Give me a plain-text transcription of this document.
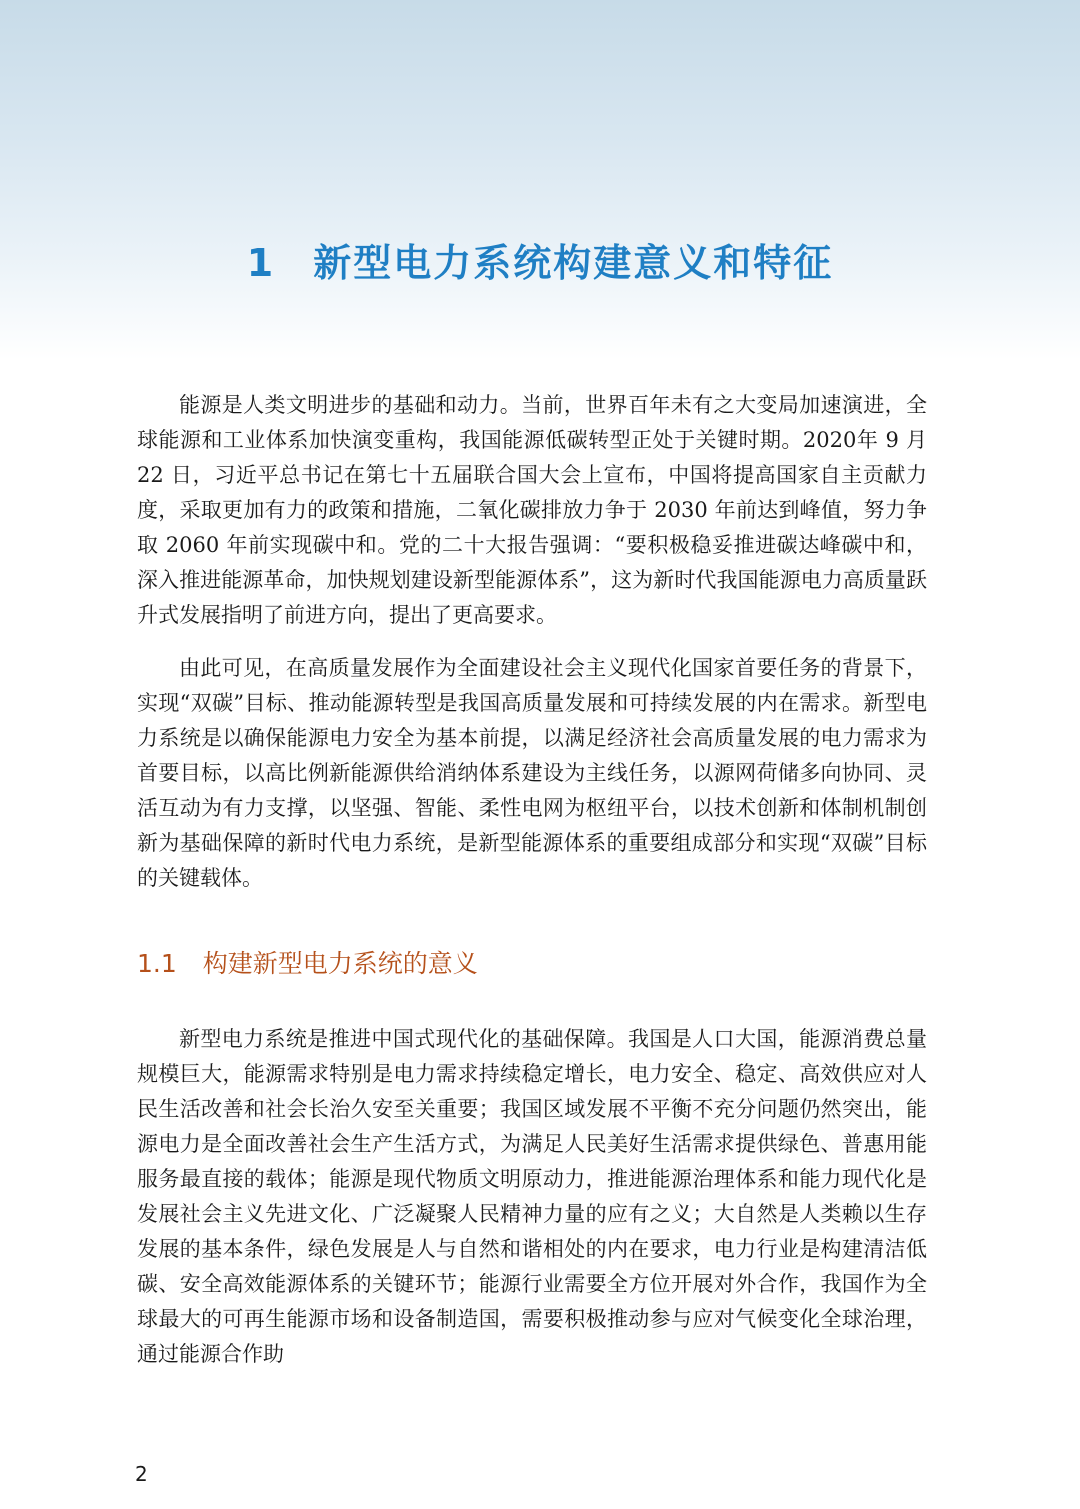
1 新型电力系统构建意义和特征

能源是人类文明进步的基础和动力。当前，世界百年未有之大变局加速演进，全球能源和工业体系加快演变重构，我国能源低碳转型正处于关键时期。2020年 9 月 22 日，习近平总书记在第七十五届联合国大会上宣布，中国将提高国家自主贡献力度，采取更加有力的政策和措施，二氧化碳排放力争于 2030 年前达到峰值，努力争取 2060 年前实现碳中和。党的二十大报告强调：“要积极稳妥推进碳达峰碳中和，深入推进能源革命，加快规划建设新型能源体系”，这为新时代我国能源电力高质量跃升式发展指明了前进方向，提出了更高要求。

由此可见，在高质量发展作为全面建设社会主义现代化国家首要任务的背景下，实现“双碳”目标、推动能源转型是我国高质量发展和可持续发展的内在需求。新型电力系统是以确保能源电力安全为基本前提，以满足经济社会高质量发展的电力需求为首要目标，以高比例新能源供给消纳体系建设为主线任务，以源网荷储多向协同、灵活互动为有力支撑，以坚强、智能、柔性电网为枢纽平台，以技术创新和体制机制创新为基础保障的新时代电力系统，是新型能源体系的重要组成部分和实现“双碳”目标的关键载体。

1.1 构建新型电力系统的意义

新型电力系统是推进中国式现代化的基础保障。我国是人口大国，能源消费总量规模巨大，能源需求特别是电力需求持续稳定增长，电力安全、稳定、高效供应对人民生活改善和社会长治久安至关重要；我国区域发展不平衡不充分问题仍然突出，能源电力是全面改善社会生产生活方式，为满足人民美好生活需求提供绿色、普惠用能服务最直接的载体；能源是现代物质文明原动力，推进能源治理体系和能力现代化是发展社会主义先进文化、广泛凝聚人民精神力量的应有之义；大自然是人类赖以生存发展的基本条件，绿色发展是人与自然和谐相处的内在要求，电力行业是构建清洁低碳、安全高效能源体系的关键环节；能源行业需要全方位开展对外合作，我国作为全球最大的可再生能源市场和设备制造国，需要积极推动参与应对气候变化全球治理，通过能源合作助

2
